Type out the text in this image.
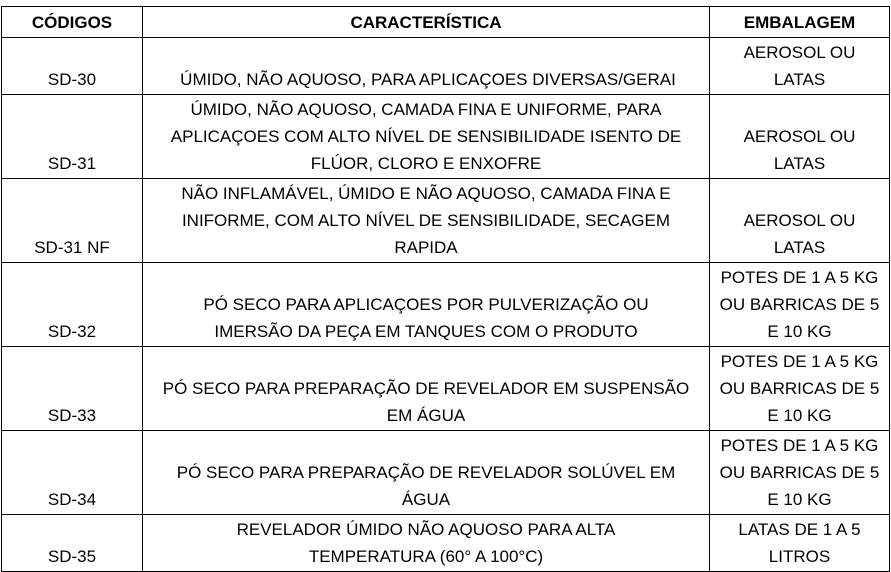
CÓDIGOS	CARACTERÍSTICA	EMBALAGEM
SD-30	ÚMIDO, NÃO AQUOSO, PARA APLICAÇOES DIVERSAS/GERAI	AEROSOL OU LATAS
SD-31	ÚMIDO, NÃO AQUOSO, CAMADA FINA E UNIFORME, PARA APLICAÇOES COM ALTO NÍVEL DE SENSIBILIDADE ISENTO DE FLÚOR, CLORO E ENXOFRE	AEROSOL OU LATAS
SD-31 NF	NÃO INFLAMÁVEL, ÚMIDO E NÃO AQUOSO, CAMADA FINA E INIFORME, COM ALTO NÍVEL DE SENSIBILIDADE, SECAGEM RAPIDA	AEROSOL OU LATAS
SD-32	PÓ SECO PARA APLICAÇOES POR PULVERIZAÇÃO OU IMERSÃO DA PEÇA EM TANQUES COM O PRODUTO	POTES DE 1 A 5 KG OU BARRICAS DE 5 E 10 KG
SD-33	PÓ SECO PARA PREPARAÇÃO DE REVELADOR EM SUSPENSÃO EM ÁGUA	POTES DE 1 A 5 KG OU BARRICAS DE 5 E 10 KG
SD-34	PÓ SECO PARA PREPARAÇÃO DE REVELADOR SOLÚVEL EM ÁGUA	POTES DE 1 A 5 KG OU BARRICAS DE 5 E 10 KG
SD-35	REVELADOR ÚMIDO NÃO AQUOSO PARA ALTA TEMPERATURA (60° A 100°C)	LATAS DE 1 A 5 LITROS
